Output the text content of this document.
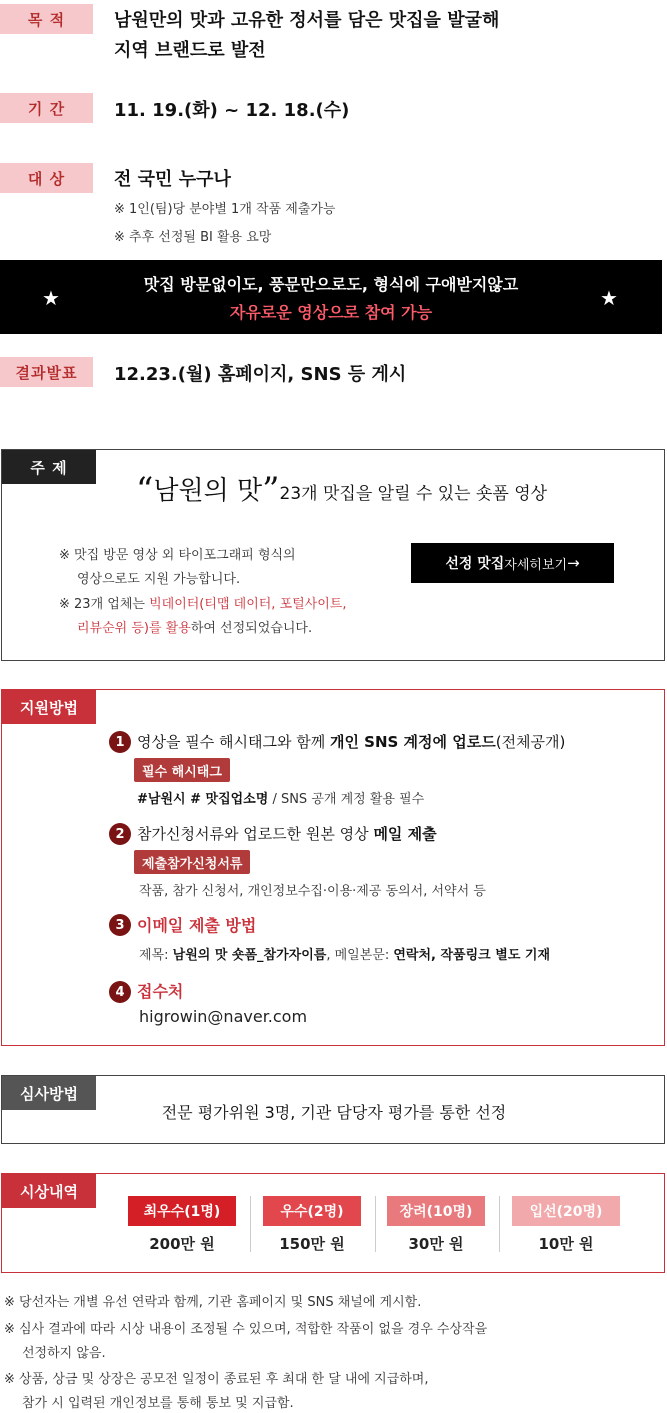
목 적	남원만의 맛과 고유한 정서를 담은 맛집을 발굴해
지역 브랜드로 발전
기 간	11. 19.(화) ~ 12. 18.(수)
대 상	전 국민 누구나
※ 1인(팀)당 분야별 1개 작품 제출가능
※ 추후 선정될 BI 활용 요망
★
맛집 방문없이도, 풍문만으로도, 형식에 구애받지않고
자유로운 영상으로 참여 가능
★
결과발표	12.23.(월) 홈페이지, SNS 등 게시
주 제
“남원의 맛”23개 맛집을 알릴 수 있는 숏폼 영상
※ 맛집 방문 영상 외 타이포그래피 형식의
영상으로도 지원 가능합니다.
※ 23개 업체는 빅데이터(티맵 데이터, 포털사이트,
리뷰순위 등)를 활용하여 선정되었습니다.
선정 맛집 자세히보기 →
지원방법
1 영상을 필수 해시태그와 함께 개인 SNS 계정에 업로드(전체공개)
필수 해시태그
#남원시 # 맛집업소명 / SNS 공개 계정 활용 필수
2 참가신청서류와 업로드한 원본 영상 메일 제출
제출참가신청서류
작품, 참가 신청서, 개인정보수집·이용·제공 동의서, 서약서 등
3 이메일 제출 방법
제목: 남원의 맛 숏폼_참가자이름, 메일본문: 연락처, 작품링크 별도 기재
4 접수처
higrowin@naver.com
심사방법
전문 평가위원 3명, 기관 담당자 평가를 통한 선정
시상내역
최우수(1명)
200만 원
우수(2명)
150만 원
장려(10명)
30만 원
입선(20명)
10만 원
※ 당선자는 개별 유선 연락과 함께, 기관 홈페이지 및 SNS 채널에 게시함.
※ 심사 결과에 따라 시상 내용이 조정될 수 있으며, 적합한 작품이 없을 경우 수상작을
선정하지 않음.
※ 상품, 상금 및 상장은 공모전 일정이 종료된 후 최대 한 달 내에 지급하며,
참가 시 입력된 개인정보를 통해 통보 및 지급함.
